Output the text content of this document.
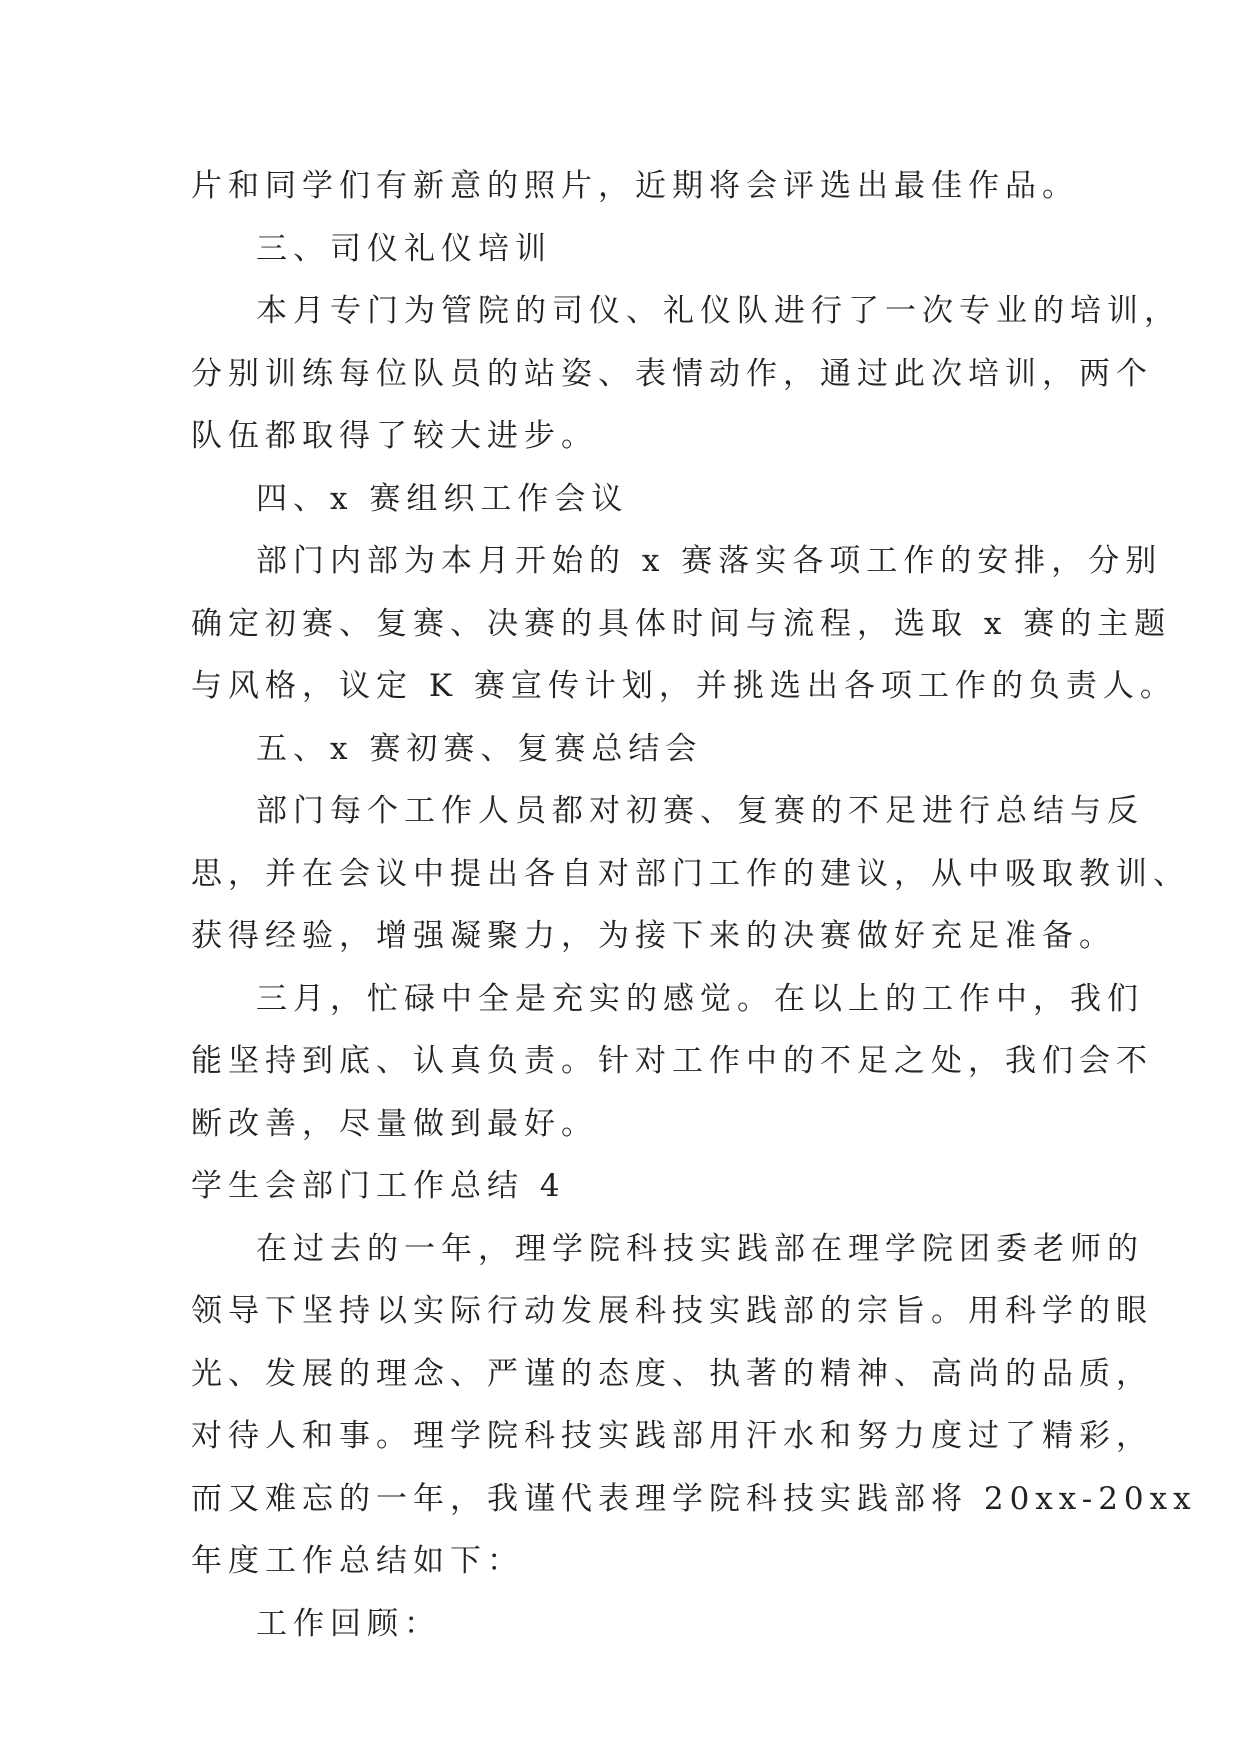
片和同学们有新意的照片，近期将会评选出最佳作品。
三、司仪礼仪培训
本月专门为管院的司仪、礼仪队进行了一次专业的培训，
分别训练每位队员的站姿、表情动作，通过此次培训，两个
队伍都取得了较大进步。
四、x 赛组织工作会议
部门内部为本月开始的 x 赛落实各项工作的安排，分别
确定初赛、复赛、决赛的具体时间与流程，选取 x 赛的主题
与风格，议定 K 赛宣传计划，并挑选出各项工作的负责人。
五、x 赛初赛、复赛总结会
部门每个工作人员都对初赛、复赛的不足进行总结与反
思，并在会议中提出各自对部门工作的建议，从中吸取教训、
获得经验，增强凝聚力，为接下来的决赛做好充足准备。
三月，忙碌中全是充实的感觉。在以上的工作中，我们
能坚持到底、认真负责。针对工作中的不足之处，我们会不
断改善，尽量做到最好。
学生会部门工作总结 4
在过去的一年，理学院科技实践部在理学院团委老师的
领导下坚持以实际行动发展科技实践部的宗旨。用科学的眼
光、发展的理念、严谨的态度、执著的精神、高尚的品质，
对待人和事。理学院科技实践部用汗水和努力度过了精彩，
而又难忘的一年，我谨代表理学院科技实践部将 20xx-20xx
年度工作总结如下：
工作回顾：
